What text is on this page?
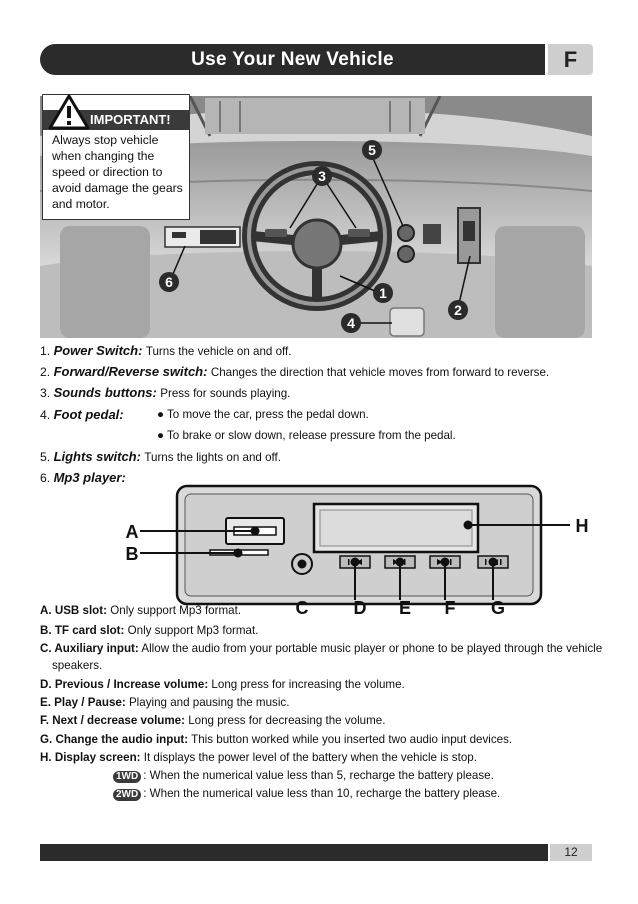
Use Your New Vehicle	F
1
2
3
4
5
6
IMPORTANT!
Always stop vehicle when changing the speed or direction to avoid damage the gears and motor.
1. Power Switch: Turns the vehicle on and off.
2. Forward/Reverse switch: Changes the direction that vehicle moves from forward to reverse.
3. Sounds buttons: Press for sounds playing.
4. Foot pedal:	● To move the car, press the pedal down.
● To brake or slow down, release pressure from the pedal.
5. Lights switch: Turns the lights on and off.
6. Mp3 player:
A
B
H
C	D E F G
A. USB slot: Only support Mp3 format.
B. TF card slot: Only support Mp3 format.
C. Auxiliary input: Allow the audio from your portable music player or phone to be played through the vehicle
speakers.
D. Previous / Increase volume: Long press for increasing the volume.
E. Play / Pause: Playing and pausing the music.
F. Next / decrease volume: Long press for decreasing the volume.
G. Change the audio input: This button worked while you inserted two audio input devices.
H. Display screen: It displays the power level of the battery when the vehicle is stop.
1WD : When the numerical value less than 5, recharge the battery please.
2WD : When the numerical value less than 10, recharge the battery please.
12
